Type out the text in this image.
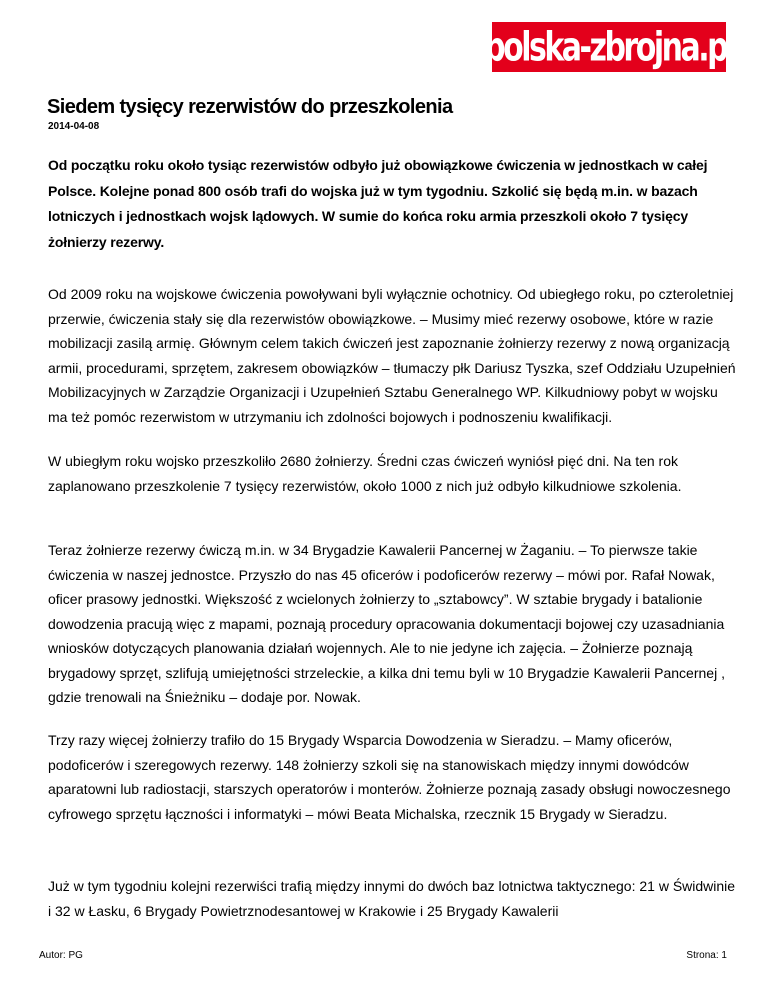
polska-zbrojna.pl
Siedem tysięcy rezerwistów do przeszkolenia
2014-04-08

Od początku roku około tysiąc rezerwistów odbyło już obowiązkowe ćwiczenia w jednostkach w całej Polsce. Kolejne ponad 800 osób trafi do wojska już w tym tygodniu. Szkolić się będą m.in. w bazach lotniczych i jednostkach wojsk lądowych. W sumie do końca roku armia przeszkoli około 7 tysięcy żołnierzy rezerwy.

Od 2009 roku na wojskowe ćwiczenia powoływani byli wyłącznie ochotnicy. Od ubiegłego roku, po czteroletniej przerwie, ćwiczenia stały się dla rezerwistów obowiązkowe. – Musimy mieć rezerwy osobowe, które w razie mobilizacji zasilą armię. Głównym celem takich ćwiczeń jest zapoznanie żołnierzy rezerwy z nową organizacją armii, procedurami, sprzętem, zakresem obowiązków – tłumaczy płk Dariusz Tyszka, szef Oddziału Uzupełnień Mobilizacyjnych w Zarządzie Organizacji i Uzupełnień Sztabu Generalnego WP. Kilkudniowy pobyt w wojsku ma też pomóc rezerwistom w utrzymaniu ich zdolności bojowych i podnoszeniu kwalifikacji.

W ubiegłym roku wojsko przeszkoliło 2680 żołnierzy. Średni czas ćwiczeń wyniósł pięć dni. Na ten rok zaplanowano przeszkolenie 7 tysięcy rezerwistów, około 1000 z nich już odbyło kilkudniowe szkolenia.

Teraz żołnierze rezerwy ćwiczą m.in. w 34 Brygadzie Kawalerii Pancernej w Żaganiu. – To pierwsze takie ćwiczenia w naszej jednostce. Przyszło do nas 45 oficerów i podoficerów rezerwy – mówi por. Rafał Nowak, oficer prasowy jednostki. Większość z wcielonych żołnierzy to „sztabowcy”. W sztabie brygady i batalionie dowodzenia pracują więc z mapami, poznają procedury opracowania dokumentacji bojowej czy uzasadniania wniosków dotyczących planowania działań wojennych. Ale to nie jedyne ich zajęcia. – Żołnierze poznają brygadowy sprzęt, szlifują umiejętności strzeleckie, a kilka dni temu byli w 10 Brygadzie Kawalerii Pancernej , gdzie trenowali na Śnieżniku – dodaje por. Nowak.

Trzy razy więcej żołnierzy trafiło do 15 Brygady Wsparcia Dowodzenia w Sieradzu. – Mamy oficerów, podoficerów i szeregowych rezerwy. 148 żołnierzy szkoli się na stanowiskach między innymi dowódców aparatowni lub radiostacji, starszych operatorów i monterów. Żołnierze poznają zasady obsługi nowoczesnego cyfrowego sprzętu łączności i informatyki – mówi Beata Michalska, rzecznik 15 Brygady w Sieradzu.

Już w tym tygodniu kolejni rezerwiści trafią między innymi do dwóch baz lotnictwa taktycznego: 21 w Świdwinie i 32 w Łasku, 6 Brygady Powietrznodesantowej w Krakowie i 25 Brygady Kawalerii

Autor: PG	Strona: 1
